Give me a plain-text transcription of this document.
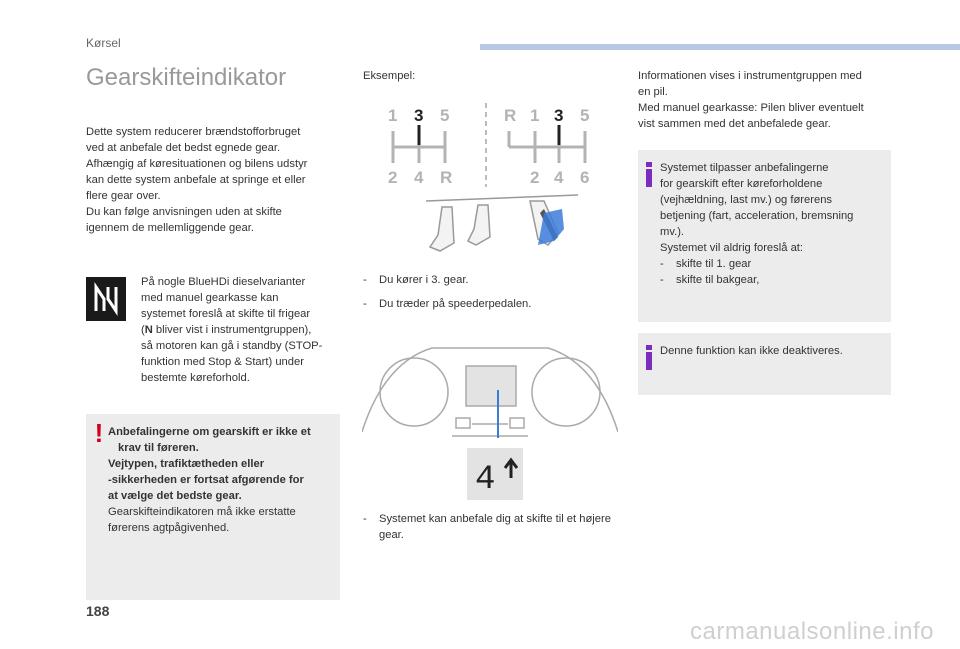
Kørsel
Gearskifteindikator

Dette system reducerer brændstofforbruget

ved at anbefale det bedst egnede gear.

Afhængig af køresituationen og bilens udstyr

kan dette system anbefale at springe et eller

flere gear over.

Du kan følge anvisningen uden at skifte

igennem de mellemliggende gear.

På nogle BlueHDi dieselvarianter

med manuel gearkasse kan

systemet foreslå at skifte til frigear

(N bliver vist i instrumentgruppen),

så motoren kan gå i standby (STOP-

funktion med Stop & Start) under

bestemte køreforhold.

! Anbefalingerne om gearskift er ikke et

krav til føreren.

Vejtypen, trafiktætheden eller

-sikkerheden er fortsat afgørende for

at vælge det bedste gear.

Gearskifteindikatoren må ikke erstatte

førerens agtpågivenhed.

Eksempel:
1 3 5
2 4 R
R 1 3 5
2 4 6
-	Du kører i 3. gear.
-	Du træder på speederpedalen.
4
-	Systemet kan anbefale dig at skifte til et højere gear.

Informationen vises i instrumentgruppen med

en pil.

Med manuel gearkasse: Pilen bliver eventuelt

vist sammen med det anbefalede gear.

Systemet tilpasser anbefalingerne

for gearskift efter køreforholdene

(vejhældning, last mv.) og førerens

betjening (fart, acceleration, bremsning

mv.).

Systemet vil aldrig foreslå at:

-	skifte til 1. gear
-	skifte til bakgear,
Denne funktion kan ikke deaktiveres.
188
carmanualsonline.info
